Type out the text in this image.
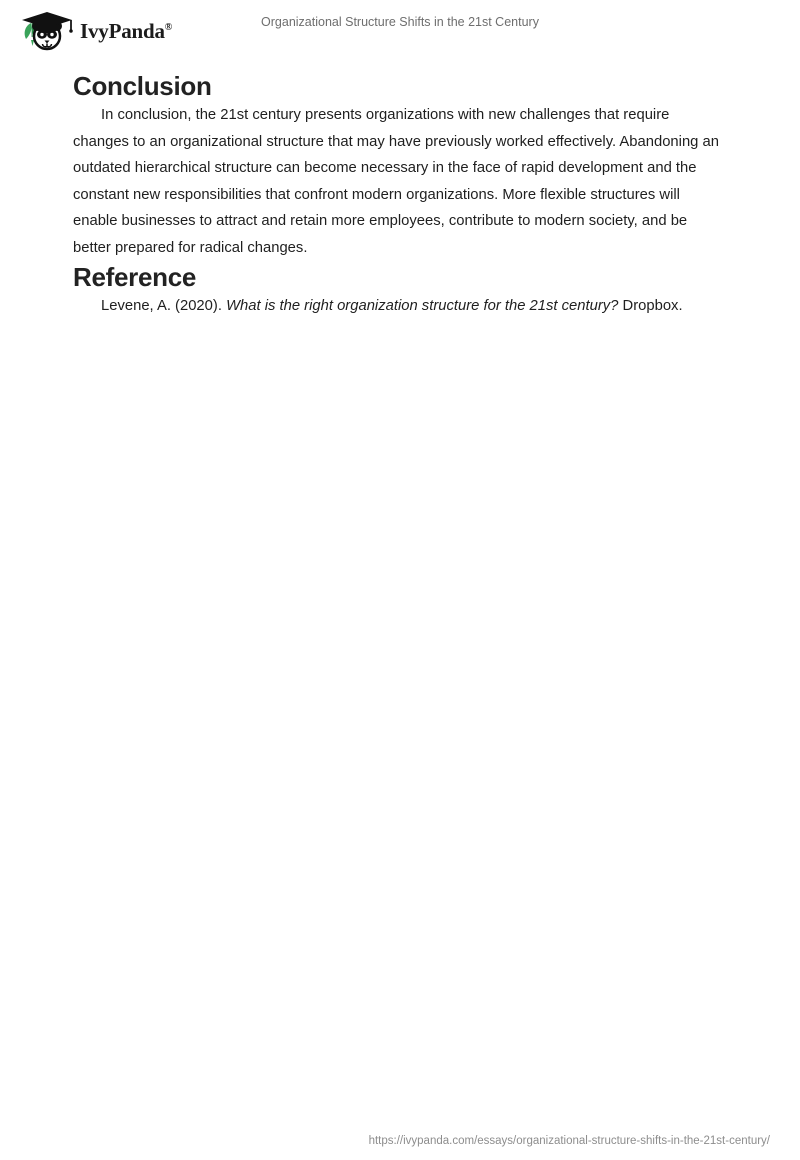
IvyPanda®	Organizational Structure Shifts in the 21st Century
Conclusion

In conclusion, the 21st century presents organizations with new challenges that require changes to an organizational structure that may have previously worked effectively. Abandoning an outdated hierarchical structure can become necessary in the face of rapid development and the constant new responsibilities that confront modern organizations. More flexible structures will enable businesses to attract and retain more employees, contribute to modern society, and be better prepared for radical changes.

Reference

Levene, A. (2020). What is the right organization structure for the 21st century? Dropbox.

https://ivypanda.com/essays/organizational-structure-shifts-in-the-21st-century/
